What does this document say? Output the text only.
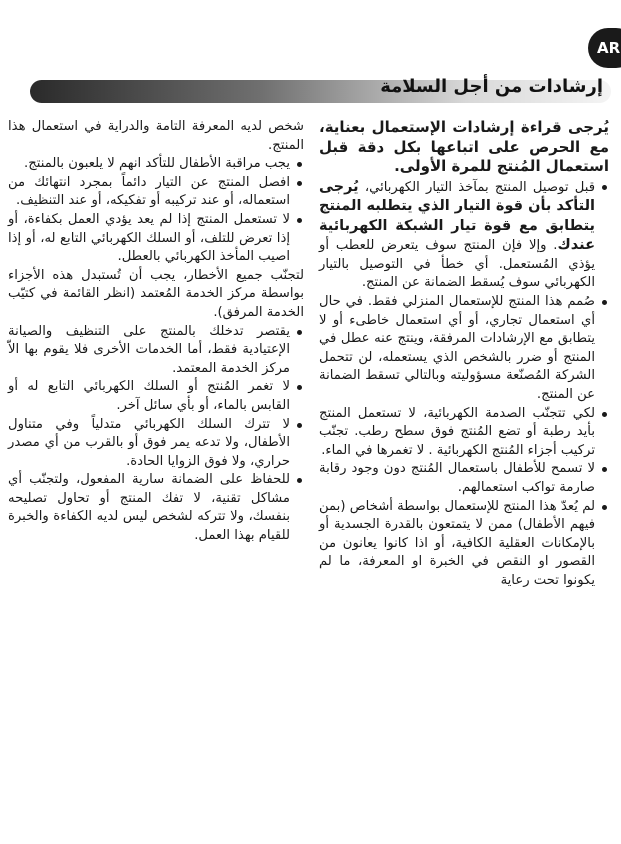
AR
إرشادات من أجل السلامة

يُرجى قراءة إرشادات الإستعمال بعناية، مع الحرص على اتباعها بكل دقة قبل استعمال المُنتج للمرة الأولى.

قبل توصيل المنتج بمآخذ التيار الكهربائي، يُرجى التأكد بأن قوة التيار الذي يتطلبه المنتج يتطابق مع قوة تيار الشبكة الكهربائية عندك. وإلا فإن المنتج سوف يتعرض للعطب أو يؤذي المُستعمل. أي خطأ في التوصيل بالتيار الكهربائي سوف يُسقط الضمانة عن المنتج.
صُمم هذا المنتج للإستعمال المنزلي فقط. في حال أي استعمال تجاري، أو أي استعمال خاطىء أو لا يتطابق مع الإرشادات المرفقة، وينتج عنه عطل في المنتج أو ضرر بالشخص الذي يستعمله، لن تتحمل الشركة المُصنّعة مسؤوليته وبالتالي تسقط الضمانة عن المنتج.
لكي تتجنّب الصدمة الكهربائية، لا تستعمل المنتج بأيد رطبة أو تضع المُنتج فوق سطح رطب. تجنّب تركيب أجزاء المُنتج الكهربائية . لا تغمرها في الماء.
لا تسمح للأطفال باستعمال المُنتج دون وجود رقابة صارمة تواكب استعمالهم.
لم يُعدّ هذا المنتج للإستعمال بواسطة أشخاص (بمن فيهم الأطفال) ممن لا يتمتعون بالقدرة الجسدية أو بالإمكانات العقلية الكافية، أو اذا كانوا يعانون من القصور او النقص في الخبرة او المعرفة، ما لم يكونوا تحت رعاية

شخص لديه المعرفة التامة والدراية في استعمال هذا المنتج.

يجب مراقبة الأطفال للتأكد انهم لا يلعبون بالمنتج.
افصل المنتج عن التيار دائماً بمجرد انتهائك من استعماله، أو عند تركيبه أو تفكيكه، أو عند التنظيف.
لا تستعمل المنتج إذا لم يعد يؤدي العمل بكفاءة، أو إذا تعرض للتلف، أو السلك الكهربائي التابع له، أو إذا اصيب المأخذ الكهربائي بالعطل.

لتجنّب جميع الأخطار، يجب أن تُستبدل هذه الأجزاء بواسطة مركز الخدمة المُعتمد (انظر القائمة في كتيّب الخدمة المرفق).

يقتصر تدخلك بالمنتج على التنظيف والصيانة الإعتيادية فقط، أما الخدمات الأخرى فلا يقوم بها الاّ مركز الخدمة المعتمد.
لا تغمر المُنتج أو السلك الكهربائي التابع له أو القابس بالماء، أو بأي سائل آخر.
لا تترك السلك الكهربائي متدلياً وفي متناول الأطفال، ولا تدعه يمر فوق أو بالقرب من أي مصدر حراري، ولا فوق الزوايا الحادة.
للحفاظ على الضمانة سارية المفعول، ولتجنّب أي مشاكل تقنية، لا تفك المنتج أو تحاول تصليحه بنفسك، ولا تتركه لشخص ليس لديه الكفاءة والخبرة للقيام بهذا العمل.
